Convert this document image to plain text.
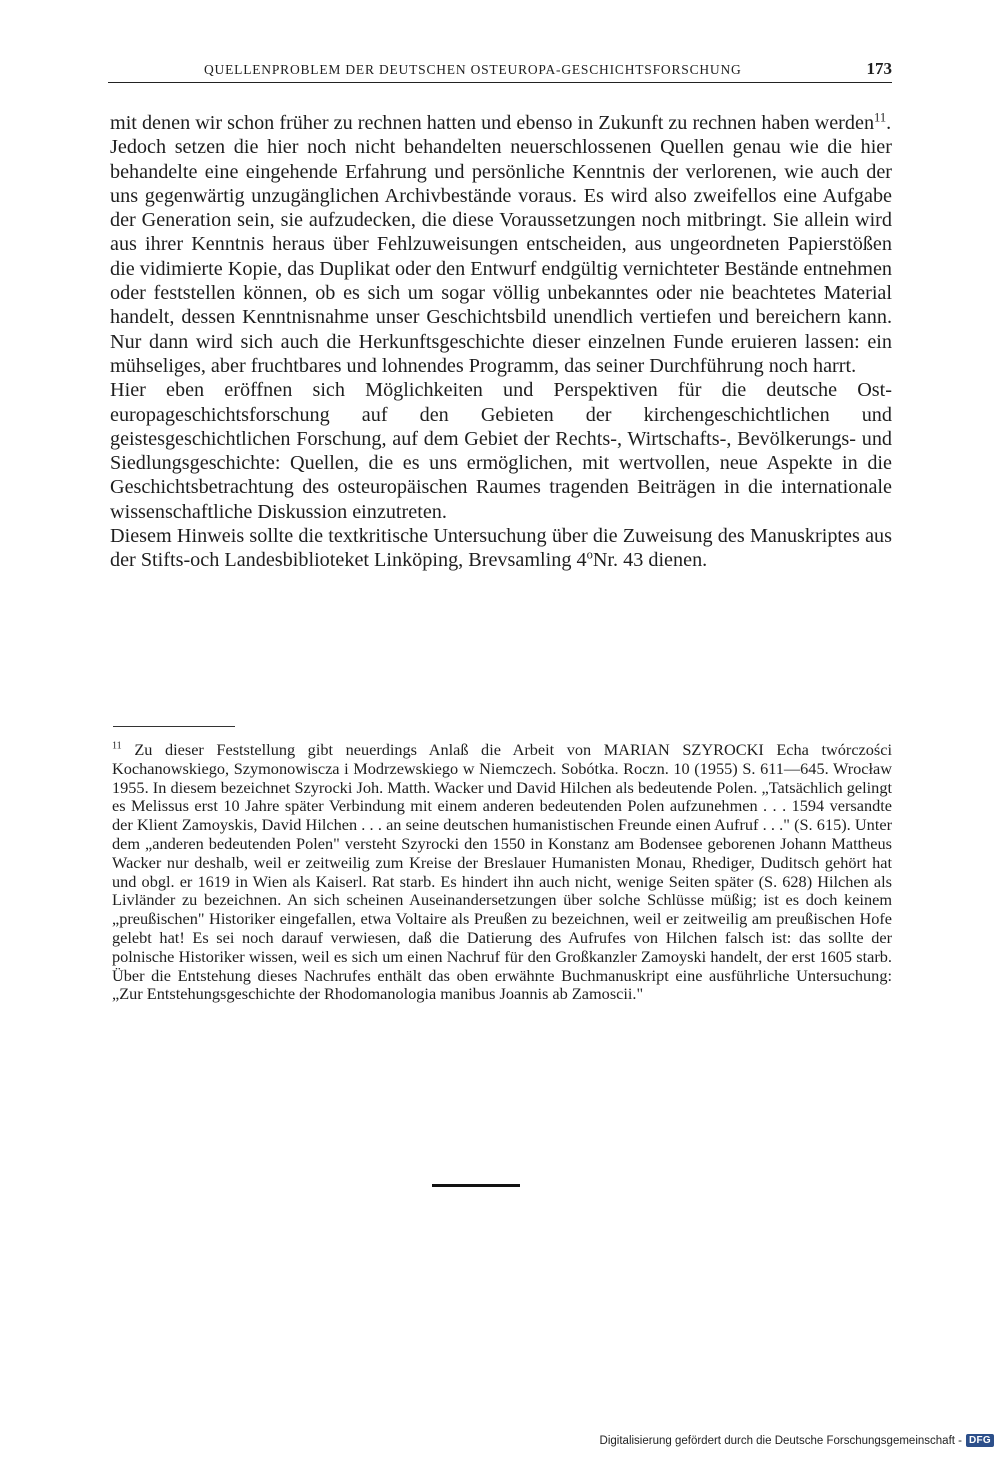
QUELLENPROBLEM DER DEUTSCHEN OSTEUROPA-GESCHICHTSFORSCHUNG	173

mit denen wir schon früher zu rechnen hatten und ebenso in Zukunft zu rechnen haben werden$^{11}$.

Jedoch setzen die hier noch nicht behandelten neuerschlossenen Quellen genau wie die hier behandelte eine eingehende Erfahrung und persönliche Kenntnis der verlorenen, wie auch der uns gegenwärtig unzugänglichen Archivbestände voraus. Es wird also zweifellos eine Aufgabe der Generation sein, sie aufzudecken, die diese Voraussetzungen noch mitbringt. Sie allein wird aus ihrer Kenntnis heraus über Fehlzuweisungen entscheiden, aus ungeordneten Papierstößen die vidimierte Kopie, das Duplikat oder den Entwurf endgültig vernichteter Bestände entnehmen oder feststellen können, ob es sich um sogar völlig unbekanntes oder nie beachtetes Material handelt, dessen Kenntnisnahme unser Geschichtsbild unendlich vertiefen und bereichern kann. Nur dann wird sich auch die Herkunftsgeschichte dieser einzelnen Funde eruieren lassen: ein mühseliges, aber fruchtbares und lohnendes Programm, das seiner Durchführung noch harrt.

Hier eben eröffnen sich Möglichkeiten und Perspektiven für die deutsche Osteuropageschichtsforschung auf den Gebieten der kirchengeschichtlichen und geistesgeschichtlichen Forschung, auf dem Gebiet der Rechts-, Wirtschafts-, Bevölkerungs- und Siedlungsgeschichte: Quellen, die es uns ermöglichen, mit wertvollen, neue Aspekte in die Geschichtsbetrachtung des osteuropäischen Raumes tragenden Beiträgen in die internationale wissenschaftliche Diskussion einzutreten.

Diesem Hinweis sollte die textkritische Untersuchung über die Zuweisung des Manuskriptes aus der Stifts-och Landesbiblioteket Linköping, Brevsamling 4$^o$Nr. 43 dienen.

$^{11}$ Zu dieser Feststellung gibt neuerdings Anlaß die Arbeit von MARIAN SZYROCKI Echa twórczości Kochanowskiego, Szymonowiscza i Modrzewskiego w Niemczech. Sobótka. Roczn. 10 (1955) S. 611—645. Wrocław 1955. In diesem bezeichnet Szyrocki Joh. Matth. Wacker und David Hilchen als bedeutende Polen. „Tatsächlich gelingt es Melissus erst 10 Jahre später Verbindung mit einem anderen bedeutenden Polen aufzunehmen . . . 1594 versandte der Klient Zamoyskis, David Hilchen . . . an seine deutschen humanistischen Freunde einen Aufruf . . ." (S. 615). Unter dem „anderen bedeutenden Polen" versteht Szyrocki den 1550 in Konstanz am Bodensee geborenen Johann Mattheus Wacker nur deshalb, weil er zeitweilig zum Kreise der Breslauer Humanisten Monau, Rhediger, Duditsch gehört hat und obgl. er 1619 in Wien als Kaiserl. Rat starb. Es hindert ihn auch nicht, wenige Seiten später (S. 628) Hilchen als Livländer zu bezeichnen. An sich scheinen Auseinandersetzungen über solche Schlüsse müßig; ist es doch keinem „preußischen" Historiker eingefallen, etwa Voltaire als Preußen zu bezeichnen, weil er zeitweilig am preußischen Hofe gelebt hat! Es sei noch darauf verwiesen, daß die Datierung des Aufrufes von Hilchen falsch ist: das sollte der polnische Historiker wissen, weil es sich um einen Nachruf für den Großkanzler Zamoyski handelt, der erst 1605 starb. Über die Entstehung dieses Nachrufes enthält das oben erwähnte Buchmanuskript eine ausführliche Untersuchung: „Zur Entstehungsgeschichte der Rhodomanologia manibus Joannis ab Zamoscii."
Digitalisierung gefördert durch die Deutsche Forschungsgemeinschaft - DFG
